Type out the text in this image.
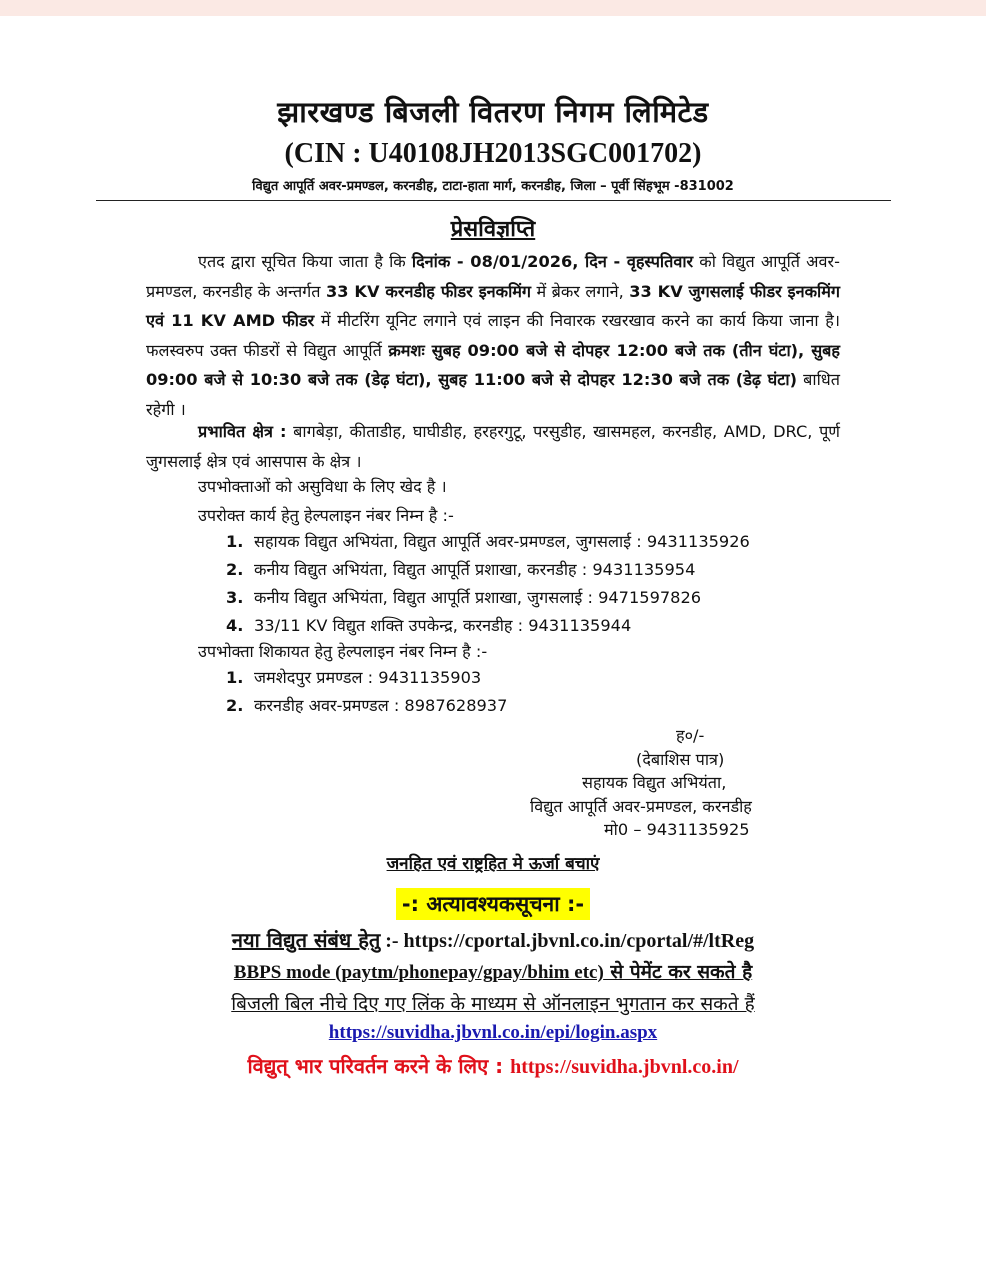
झारखण्ड बिजली वितरण निगम लिमिटेड
(CIN : U40108JH2013SGC001702)
विद्युत आपूर्ति अवर-प्रमण्डल, करनडीह, टाटा-हाता मार्ग, करनडीह, जिला – पूर्वी सिंहभूम -831002
प्रेसविज्ञप्ति

एतद द्वारा सूचित किया जाता है कि दिनांक - 08/01/2026, दिन - वृहस्पतिवार को विद्युत आपूर्ति अवर-प्रमण्डल, करनडीह के अन्तर्गत 33 KV करनडीह फीडर इनकमिंग में ब्रेकर लगाने, 33 KV जुगसलाई फीडर इनकमिंग एवं 11 KV AMD फीडर में मीटरिंग यूनिट लगाने एवं लाइन की निवारक रखरखाव करने का कार्य किया जाना है। फलस्वरुप उक्त फीडरों से विद्युत आपूर्ति क्रमशः सुबह 09:00 बजे से दोपहर 12:00 बजे तक (तीन घंटा), सुबह 09:00 बजे से 10:30 बजे तक (डेढ़ घंटा), सुबह 11:00 बजे से दोपहर 12:30 बजे तक (डेढ़ घंटा) बाधित रहेगी ।

प्रभावित क्षेत्र : बागबेड़ा, कीताडीह, घाघीडीह, हरहरगुटू, परसुडीह, खासमहल, करनडीह, AMD, DRC, पूर्ण जुगसलाई क्षेत्र एवं आसपास के क्षेत्र ।

उपभोक्ताओं को असुविधा के लिए खेद है ।
उपरोक्त कार्य हेतु हेल्पलाइन नंबर निम्न है :-
1. सहायक विद्युत अभियंता, विद्युत आपूर्ति अवर-प्रमण्डल, जुगसलाई : 9431135926
2. कनीय विद्युत अभियंता, विद्युत आपूर्ति प्रशाखा, करनडीह : 9431135954
3. कनीय विद्युत अभियंता, विद्युत आपूर्ति प्रशाखा, जुगसलाई : 9471597826
4. 33/11 KV विद्युत शक्ति उपकेन्द्र, करनडीह : 9431135944
उपभोक्ता शिकायत हेतु हेल्पलाइन नंबर निम्न है :-
1. जमशेदपुर प्रमण्डल : 9431135903
2. करनडीह अवर-प्रमण्डल : 8987628937
ह०/-
(देबाशिस पात्र)
सहायक विद्युत अभियंता,
विद्युत आपूर्ति अवर-प्रमण्डल, करनडीह
मो0 – 9431135925
जनहित एवं राष्ट्रहित मे ऊर्जा बचाएं
-: अत्यावश्यकसूचना :-
नया विद्युत संबंध हेतु :- https://cportal.jbvnl.co.in/cportal/#/ltReg
BBPS mode (paytm/phonepay/gpay/bhim etc) से पेमेंट कर सकते है
बिजली बिल नीचे दिए गए लिंक के माध्यम से ऑनलाइन भुगतान कर सकते हैं
https://suvidha.jbvnl.co.in/epi/login.aspx
विद्युत् भार परिवर्तन करने के लिए : https://suvidha.jbvnl.co.in/
